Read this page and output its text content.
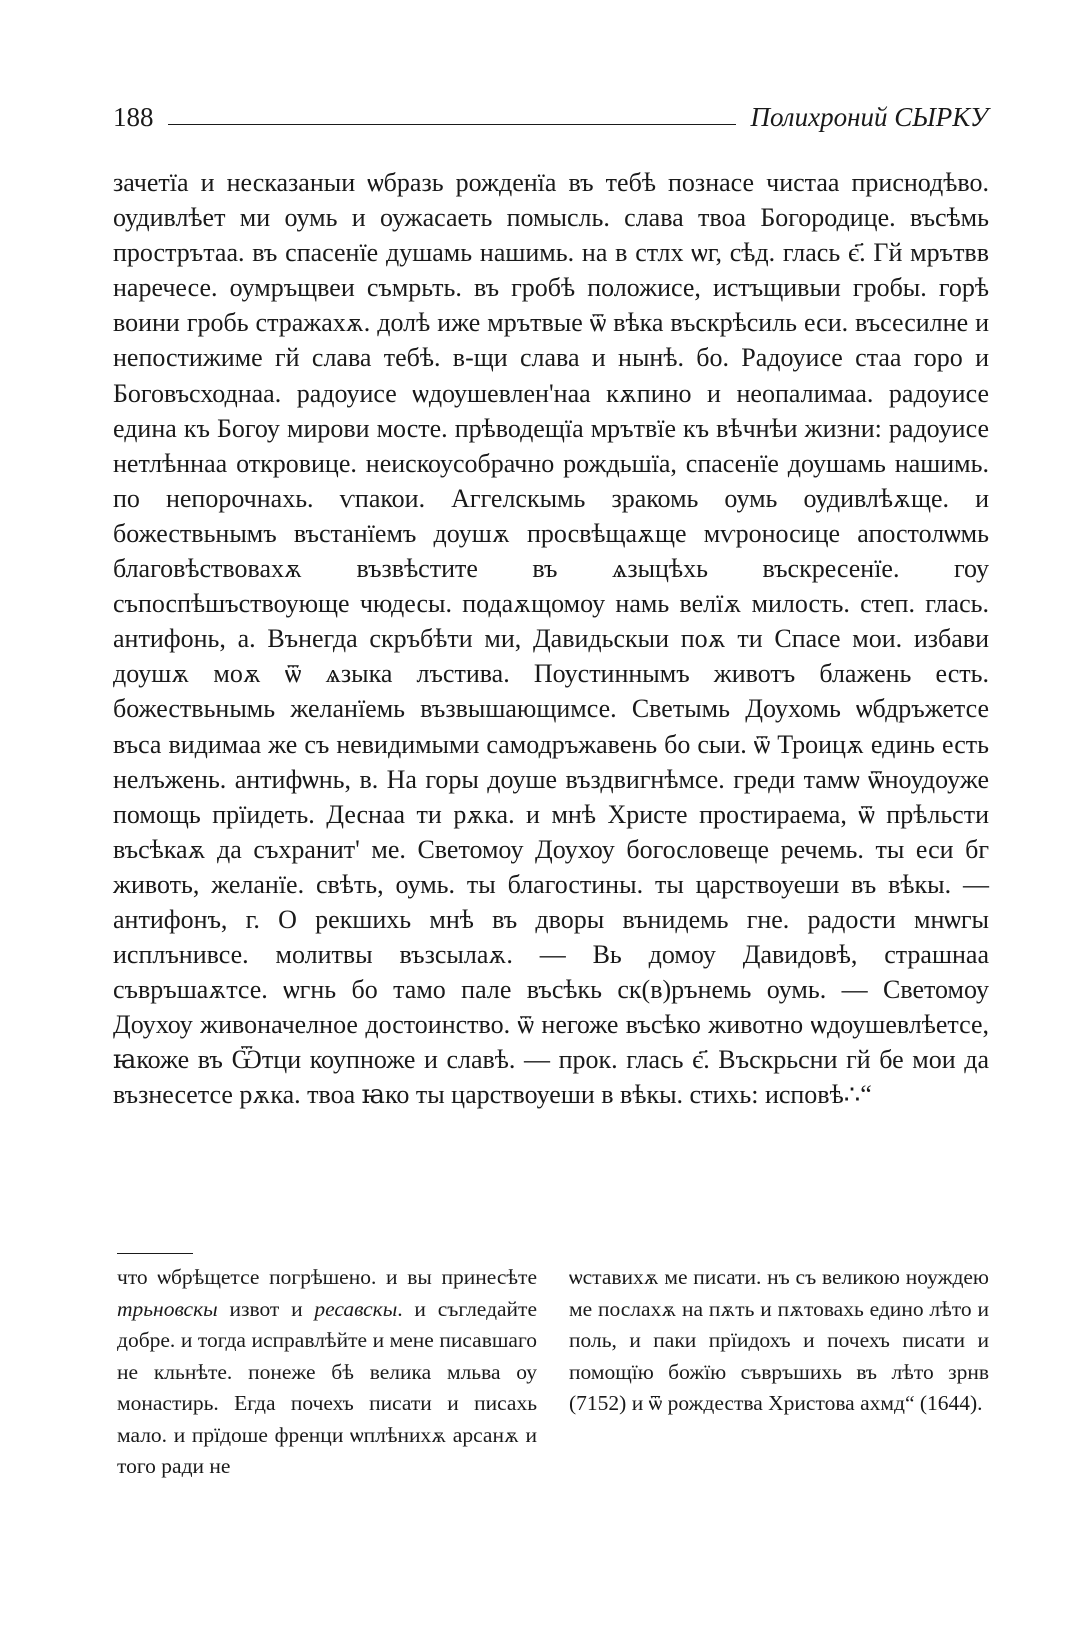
188	Полихроний СЫРКУ

зачетїа и несказаныи ѡбразь рожденїа въ тебѣ познасе чистаа приснодѣво. оудивлѣет ми оумь и оужасаеть помысль. слава твоа Богородице. въсѣмь прострътаа. въ спасенїе душамь нашимь. на в стлх ѡг, сѣд. глась є҃. Гй мрътвв наречесе. оумръщвеи съмрьть. въ гробѣ положисе, истъщивыи гробы. горѣ воини гробь стражахѫ. долѣ иже мрътвые ѿ вѣка въскрѣсиль еси. въсесилне и непостижиме гй слава тебѣ. в-щи слава и нынѣ. бо. Радоуисе стаа горо и Боговъсходнаа. радоуисе ѡдоушевлен'наа кѫпино и неопалимаа. радоуисе едина къ Богоу мирови мосте. прѣводещїа мрътвїе къ вѣчнѣи жизни: радоуисе нетлѣннаа откровице. неискоусобрачно рождьшїа, спасенїе доушамь нашимь. по непорочнахь. ѵпакои. Аггелскымь зракомь оумь оудивлѣѫще. и божествьнымъ въстанїемъ доушѫ просвѣщаѫще мѵроносице апостолѡмь благовѣствовахѫ възвѣстите въ ѧзыцѣхь въскресенїе. гоу съпоспѣшъствоующе чюдесы. подаѫщомоу намь велїѫ милость. степ. глась. антифонь, а. Вънегда скръбѣти ми, Давидьскыи поѫ ти Спасе мои. избави доушѫ моѫ ѿ ѧзыка лъстива. Поустиннымъ животъ блажень есть. божествьнымь желанїемь възвышающимсе. Светымь Доухомь ѡбдръжетсе въса видимаа же съ невидимыми самодръжавень бо сыи. ѿ Троицѫ единь есть нелъжень. антифѡнь, в. На горы доуше въздвигнѣмсе. греди тамѡ ѿноудоуже помощь прїидеть. Деснаа ти рѫка. и мнѣ Христе простираема, ѿ прѣльсти въсѣкаѫ да съхранит' ме. Светомоу Доухоу богословеще речемь. ты еси бг животь, желанїе. свѣть, оумь. ты благостины. ты царствоуеши въ вѣкы. — антифонъ, г. О рекшихь мнѣ въ дворы вънидемь гне. радости мнѡгы исплънивсе. молитвы възсылаѫ. — Вь домоу Давидовѣ, страшнаа съвръшаѫтсе. ѡгнь бо тамо пале въсѣкь ск(в)рънемь оумь. — Светомоу Доухоу живоначелное достоинство. ѿ негоже въсѣко животно ѡдоушевлѣетсе, ꙗкоже въ Ѿтци коупноже и славѣ. — прок. глась є҃. Въскрьсни гй бе мои да възнесетсе рѫка. твоа ꙗко ты царствоуеши в вѣкы. стихь: исповѣ∴“

что ѡбрѣщетсе погрѣшено. и вы принесѣте трьновскы извот и ресавскы. и съгледайте добре. и тогда исправлѣйте и мене писавшаго не кльнѣте. понеже бѣ велика мльва оу монастирь. Егда почехъ писати и писахь мало. и прїдоше френци ѡплѣнихѫ арсанѫ и того ради не

ѡставихѫ ме писати. нъ съ великою ноуждею ме послахѫ на пѫть и пѫтовахь едино лѣто и поль, и паки прїидохъ и почехъ писати и помощїю божїю съвръшихь въ лѣто зрнв (7152) и ѿ рождества Христова ахмд“ (1644).
